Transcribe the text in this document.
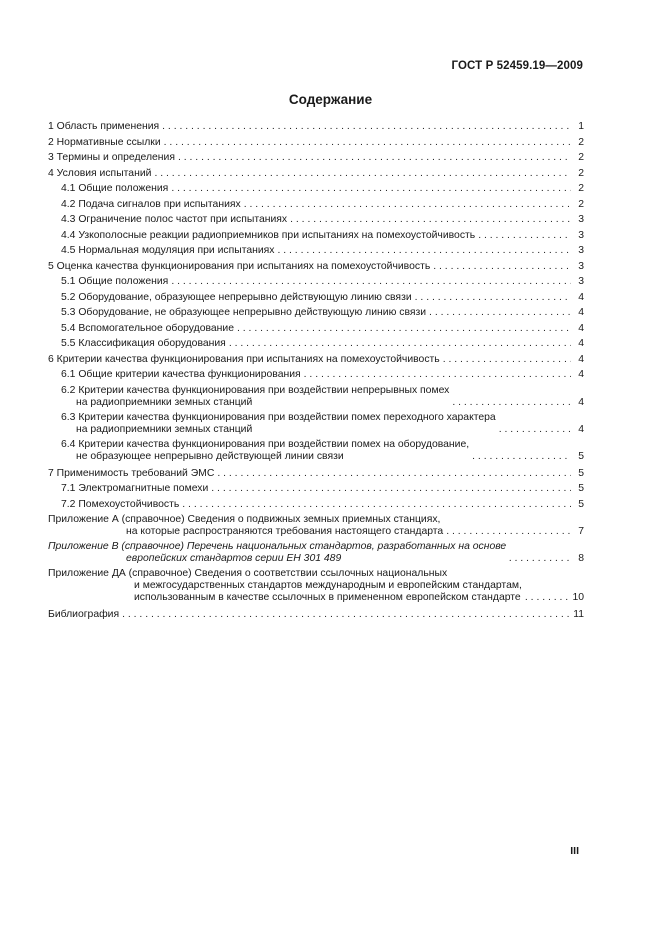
ГОСТ Р 52459.19—2009
Содержание
1 Область применения . . .	1
2 Нормативные ссылки . . .	2
3 Термины и определения . . .	2
4 Условия испытаний . . .	2
4.1 Общие положения . . .	2
4.2 Подача сигналов при испытаниях . . .	2
4.3 Ограничение полос частот при испытаниях . . .	3
4.4 Узкополосные реакции радиоприемников при испытаниях на помехоустойчивость . . .	3
4.5 Нормальная модуляция при испытаниях . . .	3
5 Оценка качества функционирования при испытаниях на помехоустойчивость . . .	3
5.1 Общие положения . . .	3
5.2 Оборудование, образующее непрерывно действующую линию связи . . .	4
5.3 Оборудование, не образующее непрерывно действующую линию связи . . .	4
5.4 Вспомогательное оборудование . . .	4
5.5 Классификация оборудования . . .	4
6 Критерии качества функционирования при испытаниях на помехоустойчивость . . .	4
6.1 Общие критерии качества функционирования . . .	4
6.2 Критерии качества функционирования при воздействии непрерывных помех
на радиоприемники земных станций . . .	4
6.3 Критерии качества функционирования при воздействии помех переходного характера
на радиоприемники земных станций . . .	4
6.4 Критерии качества функционирования при воздействии помех на оборудование,
не образующее непрерывно действующей линии связи . . .	5
7 Применимость требований ЭМС . . .	5
7.1 Электромагнитные помехи . . .	5
7.2 Помехоустойчивость . . .	5
Приложение А (справочное) Сведения о подвижных земных приемных станциях,
на которые распространяются требования настоящего стандарта . . .	7
Приложение В (справочное) Перечень национальных стандартов, разработанных на основе
европейских стандартов серии ЕН 301 489 . . .	8
Приложение ДА (справочное) Сведения о соответствии ссылочных национальных
и межгосударственных стандартов международным и европейским стандартам,
использованным в качестве ссылочных в примененном европейском стандарте . . .	10
Библиография . . .	11
III
